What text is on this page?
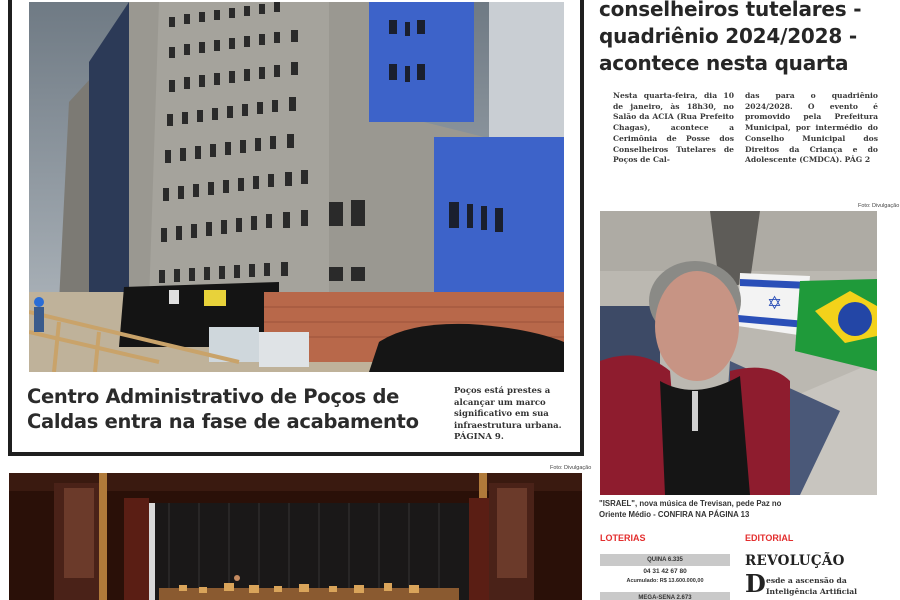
Centro Administrativo de Poços de
Caldas entra na fase de acabamento
Poços está prestes a alcançar um marco significativo em sua infraestrutura urbana. PÁGINA 9.
Foto: Divulgação
conselheiros tutelares -
quadriênio 2024/2028 -
acontece nesta quarta
Nesta quarta-feira, dia 10 de janeiro, às 18h30, no Salão da ACIA (Rua Prefeito Chagas), acontece a Cerimônia de Posse dos Conselheiros Tutelares de Poços de Cal-
das para o quadriênio 2024/2028. O evento é promovido pela Prefeitura Municipal, por intermédio do Conselho Municipal dos Direitos da Criança e do Adolescente (CMDCA). PÁG 2
Foto: Divulgação
✡
"ISRAEL", nova música de Trevisan, pede Paz no
Oriente Médio - CONFIRA NA PÁGINA 13
LOTERIAS
QUINA 6.335
04 31 42 67 80
Acumulado: R$ 13.600.000,00
MEGA-SENA 2.673
EDITORIAL
REVOLUÇÃO
D esde a ascensão da Inteligência Artificial
